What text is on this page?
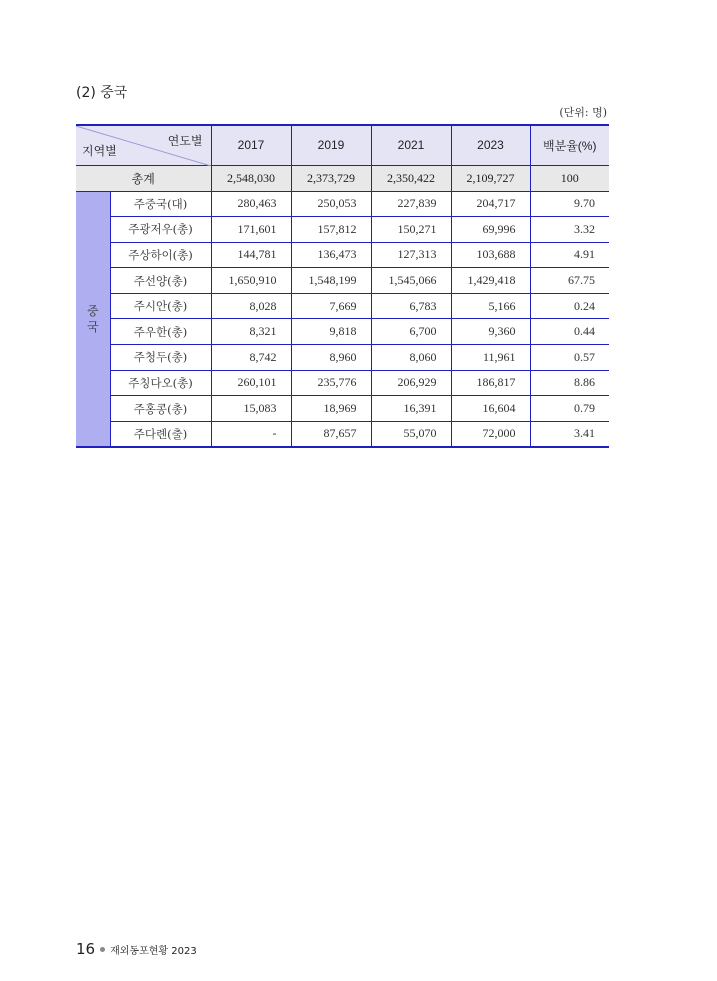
(2) 중국
(단위: 명)
연도별
지역별		2017	2019	2021	2023	백분율(%)
총계		2,548,030	2,373,729	2,350,422	2,109,727	100
중국	주중국(대)	280,463	250,053	227,839	204,717	9.70
	주광저우(총)	171,601	157,812	150,271	69,996	3.32
	주상하이(총)	144,781	136,473	127,313	103,688	4.91
	주선양(총)	1,650,910	1,548,199	1,545,066	1,429,418	67.75
	주시안(총)	8,028	7,669	6,783	5,166	0.24
	주우한(총)	8,321	9,818	6,700	9,360	0.44
	주청두(총)	8,742	8,960	8,060	11,961	0.57
	주칭다오(총)	260,101	235,776	206,929	186,817	8.86
	주홍콩(총)	15,083	18,969	16,391	16,604	0.79
	주다롄(출)	-	87,657	55,070	72,000	3.41
16 재외동포현황 2023
